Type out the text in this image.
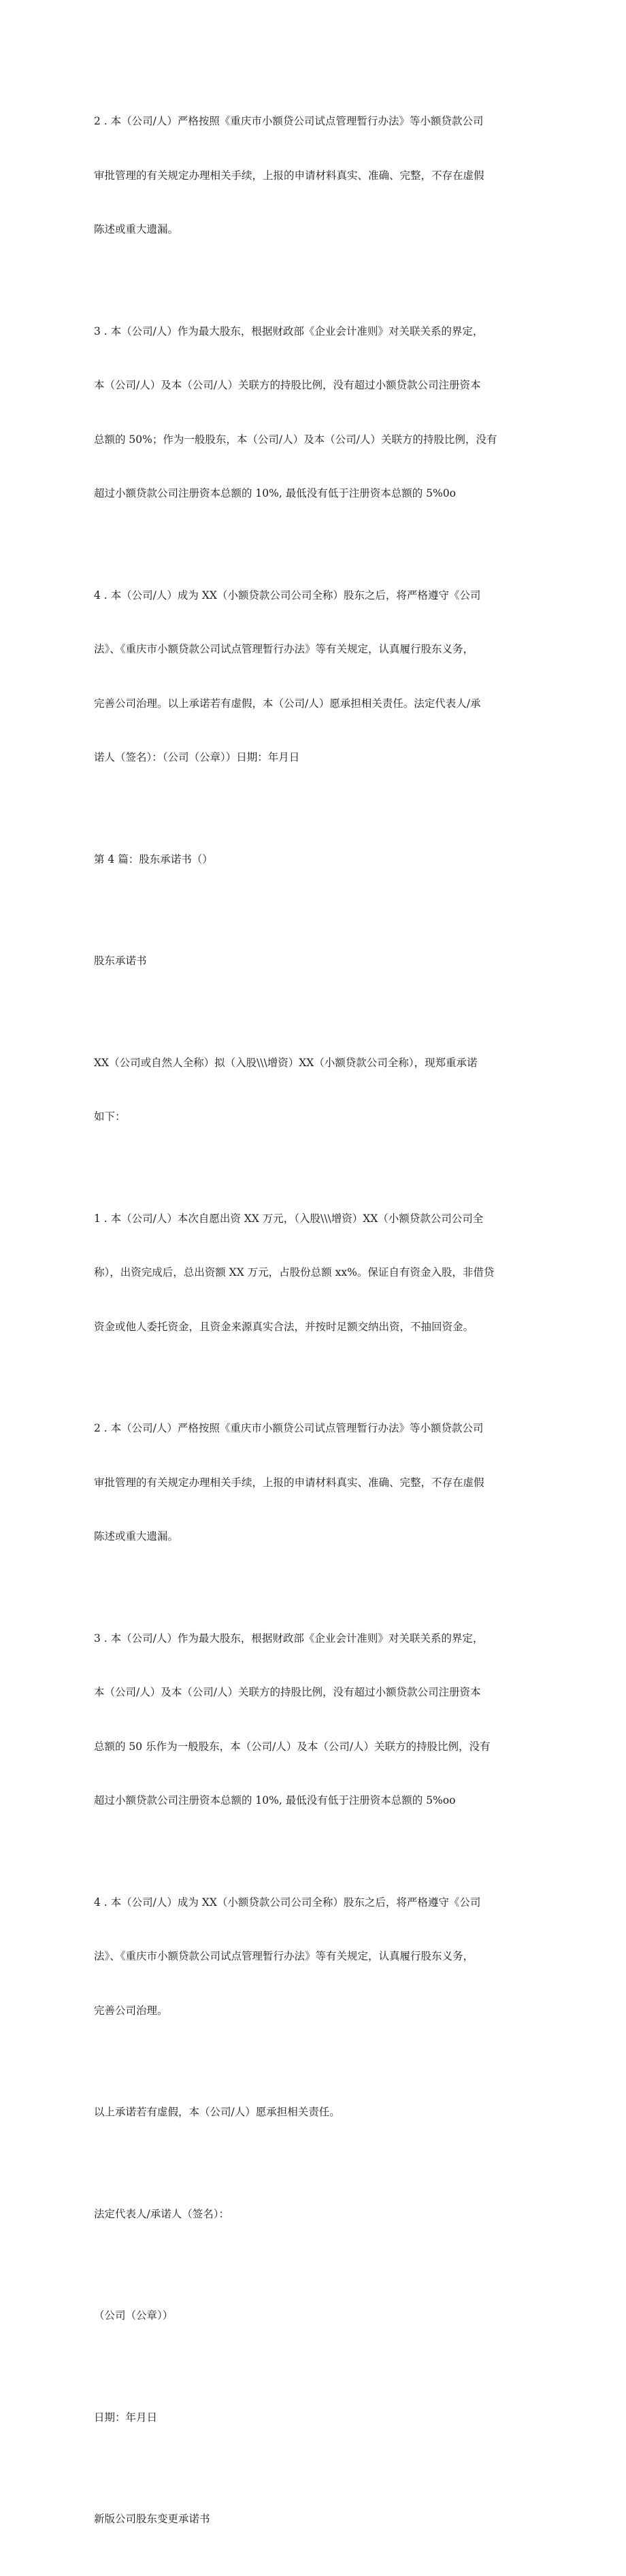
2 . 本（公司/人）严格按照《重庆市小额贷公司试点管理暂行办法》等小额贷款公司

审批管理的有关规定办理相关手续，上报的申请材料真实、准确、完整，不存在虚假

陈述或重大遗漏。

3 . 本（公司/人）作为最大股东，根据财政部《企业会计准则》对关联关系的界定，

本（公司/人）及本（公司/人）关联方的持股比例，没有超过小额贷款公司注册资本

总额的 50%；作为一般股东，本（公司/人）及本（公司/人）关联方的持股比例，没有

超过小额贷款公司注册资本总额的 10%, 最低没有低于注册资本总额的 5%0o

4 . 本（公司/人）成为 XX（小额贷款公司公司全称）股东之后，将严格遵守《公司

法》、《重庆市小额贷款公司试点管理暂行办法》等有关规定，认真履行股东义务，

完善公司治理。以上承诺若有虚假，本（公司/人）愿承担相关责任。法定代表人/承

诺人（签名）：（公司（公章））日期：年月日

第 4 篇：股东承诺书（）

股东承诺书

XX（公司或自然人全称）拟（入股\\\增资）XX（小额贷款公司全称），现郑重承诺

如下：

1 . 本（公司/人）本次自愿出资 XX 万元，（入股\\\增资）XX（小额贷款公司公司全

称），出资完成后，总出资额 XX 万元，占股份总额 xx%。保证自有资金入股，非借贷

资金或他人委托资金，且资金来源真实合法，并按时足额交纳出资，不抽回资金。

2 . 本（公司/人）严格按照《重庆市小额贷公司试点管理暂行办法》等小额贷款公司

审批管理的有关规定办理相关手续，上报的申请材料真实、准确、完整，不存在虚假

陈述或重大遗漏。

3 . 本（公司/人）作为最大股东，根据财政部《企业会计准则》对关联关系的界定，

本（公司/人）及本（公司/人）关联方的持股比例，没有超过小额贷款公司注册资本

总额的 50 乐作为一般股东，本（公司/人）及本（公司/人）关联方的持股比例，没有

超过小额贷款公司注册资本总额的 10%, 最低没有低于注册资本总额的 5%oo

4 . 本（公司/人）成为 XX（小额贷款公司公司全称）股东之后，将严格遵守《公司

法》、《重庆市小额贷款公司试点管理暂行办法》等有关规定，认真履行股东义务，

完善公司治理。

以上承诺若有虚假，本（公司/人）愿承担相关责任。

法定代表人/承诺人（签名）：

（公司（公章））

日期：年月日

新版公司股东变更承诺书
